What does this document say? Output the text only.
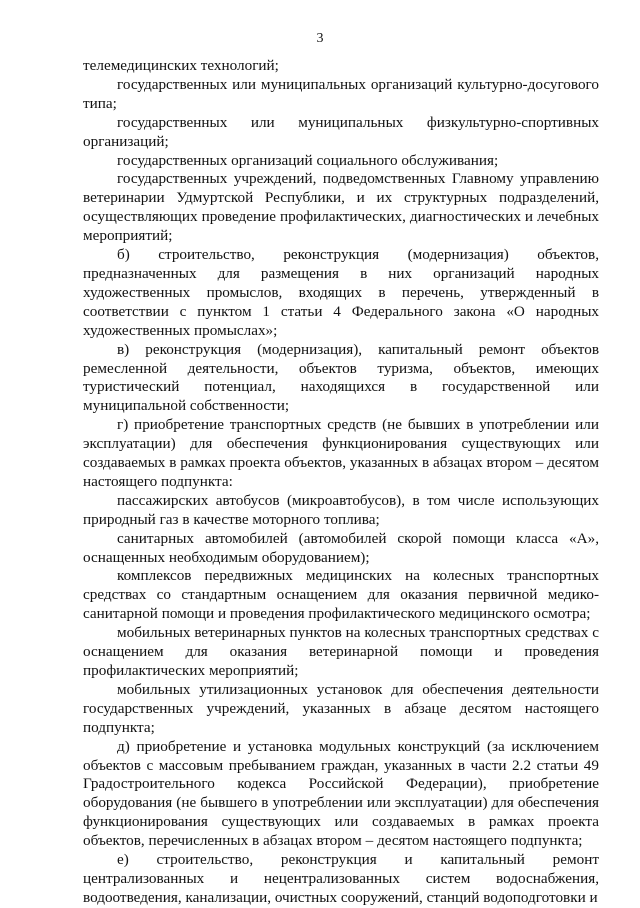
3

телемедицинских технологий;

государственных или муниципальных организаций культурно-досугового типа;

государственных или муниципальных физкультурно-спортивных организаций;

государственных организаций социального обслуживания;

государственных учреждений, подведомственных Главному управлению ветеринарии Удмуртской Республики, и их структурных подразделений, осуществляющих проведение профилактических, диагностических и лечебных мероприятий;

б) строительство, реконструкция (модернизация) объектов, предназначенных для размещения в них организаций народных художественных промыслов, входящих в перечень, утвержденный в соответствии с пунктом 1 статьи 4 Федерального закона «О народных художественных промыслах»;

в) реконструкция (модернизация), капитальный ремонт объектов ремесленной деятельности, объектов туризма, объектов, имеющих туристический потенциал, находящихся в государственной или муниципальной собственности;

г) приобретение транспортных средств (не бывших в употреблении или эксплуатации) для обеспечения функционирования существующих или создаваемых в рамках проекта объектов, указанных в абзацах втором – десятом настоящего подпункта:

пассажирских автобусов (микроавтобусов), в том числе использующих природный газ в качестве моторного топлива;

санитарных автомобилей (автомобилей скорой помощи класса «А», оснащенных необходимым оборудованием);

комплексов передвижных медицинских на колесных транспортных средствах со стандартным оснащением для оказания первичной медико-санитарной помощи и проведения профилактического медицинского осмотра;

мобильных ветеринарных пунктов на колесных транспортных средствах с оснащением для оказания ветеринарной помощи и проведения профилактических мероприятий;

мобильных утилизационных установок для обеспечения деятельности государственных учреждений, указанных в абзаце десятом настоящего подпункта;

д) приобретение и установка модульных конструкций (за исключением объектов с массовым пребыванием граждан, указанных в части 2.2 статьи 49 Градостроительного кодекса Российской Федерации), приобретение оборудования (не бывшего в употреблении или эксплуатации) для обеспечения функционирования существующих или создаваемых в рамках проекта объектов, перечисленных в абзацах втором – десятом настоящего подпункта;

е) строительство, реконструкция и капитальный ремонт централизованных и нецентрализованных систем водоснабжения, водоотведения, канализации, очистных сооружений, станций водоподготовки и
